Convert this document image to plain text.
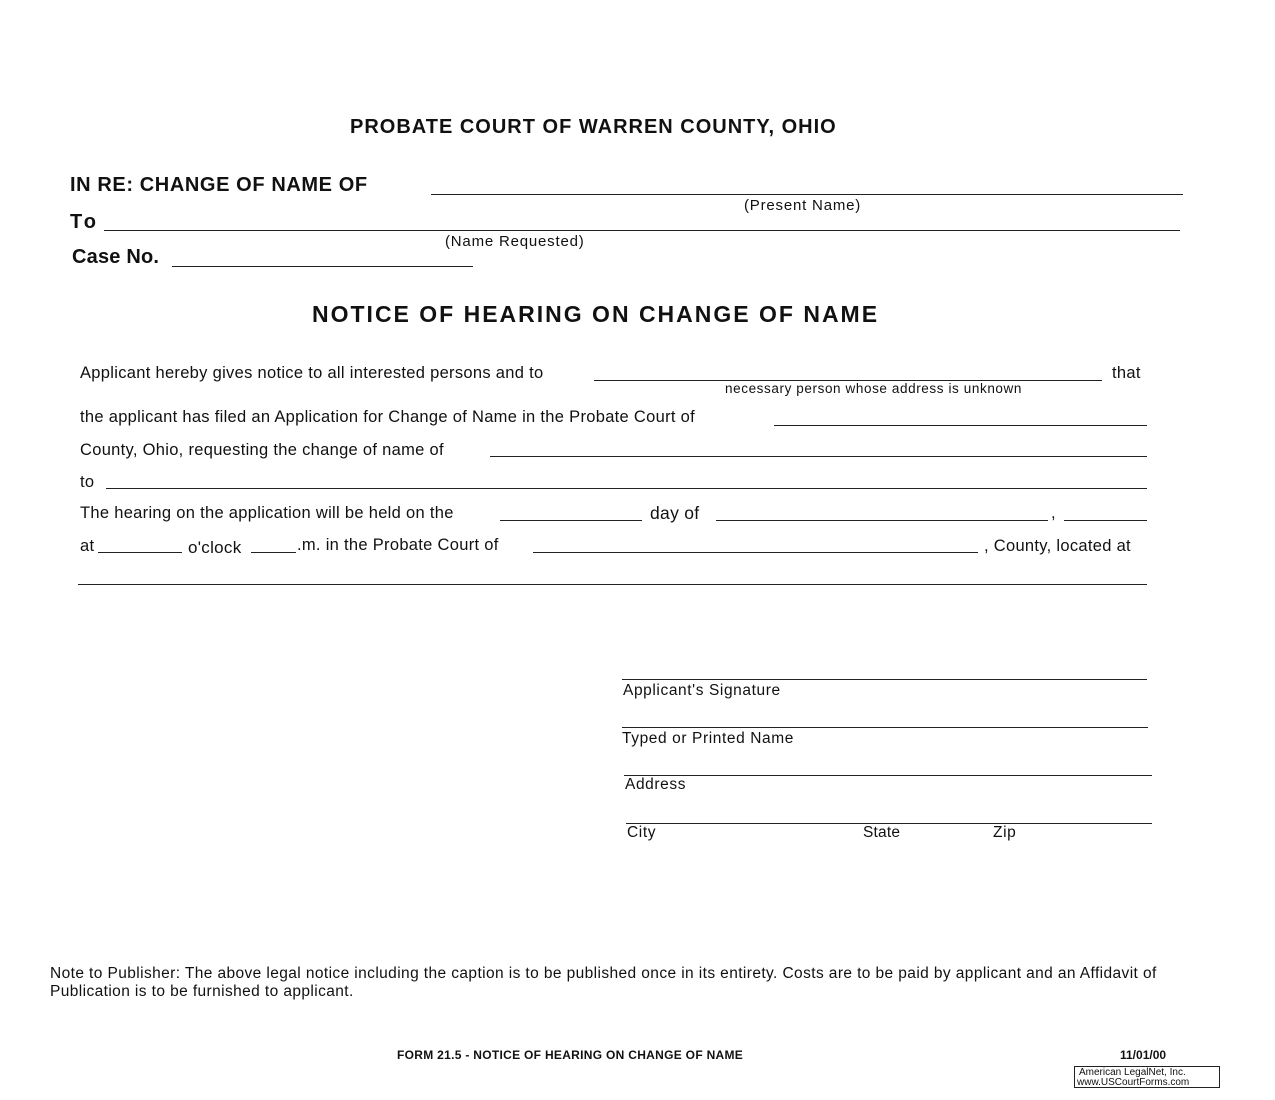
PROBATE COURT OF WARREN COUNTY, OHIO
IN RE: CHANGE OF NAME OF
(Present Name)
To
(Name Requested)
Case No.
NOTICE OF HEARING ON CHANGE OF NAME
Applicant hereby gives notice to all interested persons and to	that
necessary person whose address is unknown
the applicant has filed an Application for Change of Name in the Probate Court of
County, Ohio, requesting the change of name of
to
The hearing on the application will be held on the	day of	,
at	o'clock	.m. in the Probate Court of	, County, located at
Applicant's Signature
Typed or Printed Name
Address
City	State	Zip
Note to Publisher: The above legal notice including the caption is to be published once in its entirety. Costs are to be paid by applicant and an Affidavit of Publication is to be furnished to applicant.
FORM 21.5 - NOTICE OF HEARING ON CHANGE OF NAME	11/01/00
American LegalNet, Inc.
www.USCourtForms.com
